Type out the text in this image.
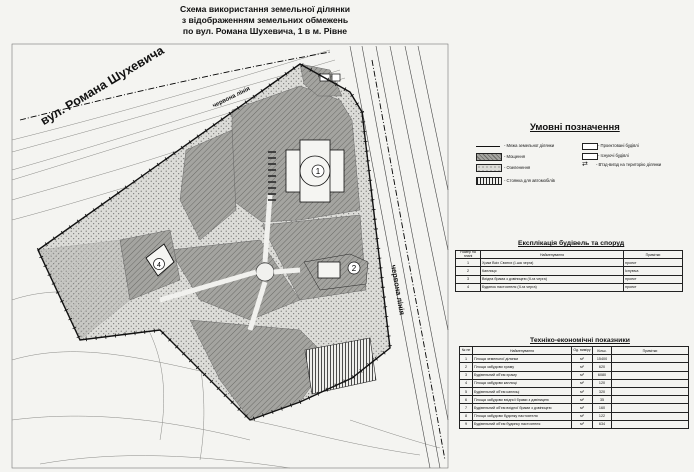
Схема використання земельної ділянки
з відображенням земельних обмежень
по вул. Романа Шухевича, 1 в м. Рівне
1
2
4
вул. Романа Шухевича	червона лінія
червона лінія
Умовні позначення
- Межа земельної ділянки	- Проектовані будівлі
- Мощення	- Існуючі будівлі
- Озеленення	⇄ - В'їзд-виїзд на територію ділянки
- Стоянка для автомобілів
Експлікація будівель та споруд
Номер на плані	Найменування	Примітки
1	Храм Всіх Святих (І-ша черга)	проект
2	Каплиця	Існуюча
3	Вхідна брама з дзвіницею (ІІ-га черга)	проект
4	Будинок настоятеля (ІІ-га черга)	проект
Техніко-економічні показники
№ пп	Найменування	Од. виміру	Кільк.	Примітки
1	Площа земельної ділянки	м²	15400	
2	Площа забудови храму	м²	620	
3	Будівельний об'єм храму	м³	6080	
4	Площа забудови каплиці	м²	120	
5	Будівельний об'єм каплиці	м³	320	
6	Площа забудови вхідної брами з дзвіницею	м²	35	
7	Будівельний об'єм вхідної брами з дзвіницею	м³	160	
8	Площа забудови будинку настоятеля	м²	122	
9	Будівельний об'єм будинку настоятеля	м³	634	
